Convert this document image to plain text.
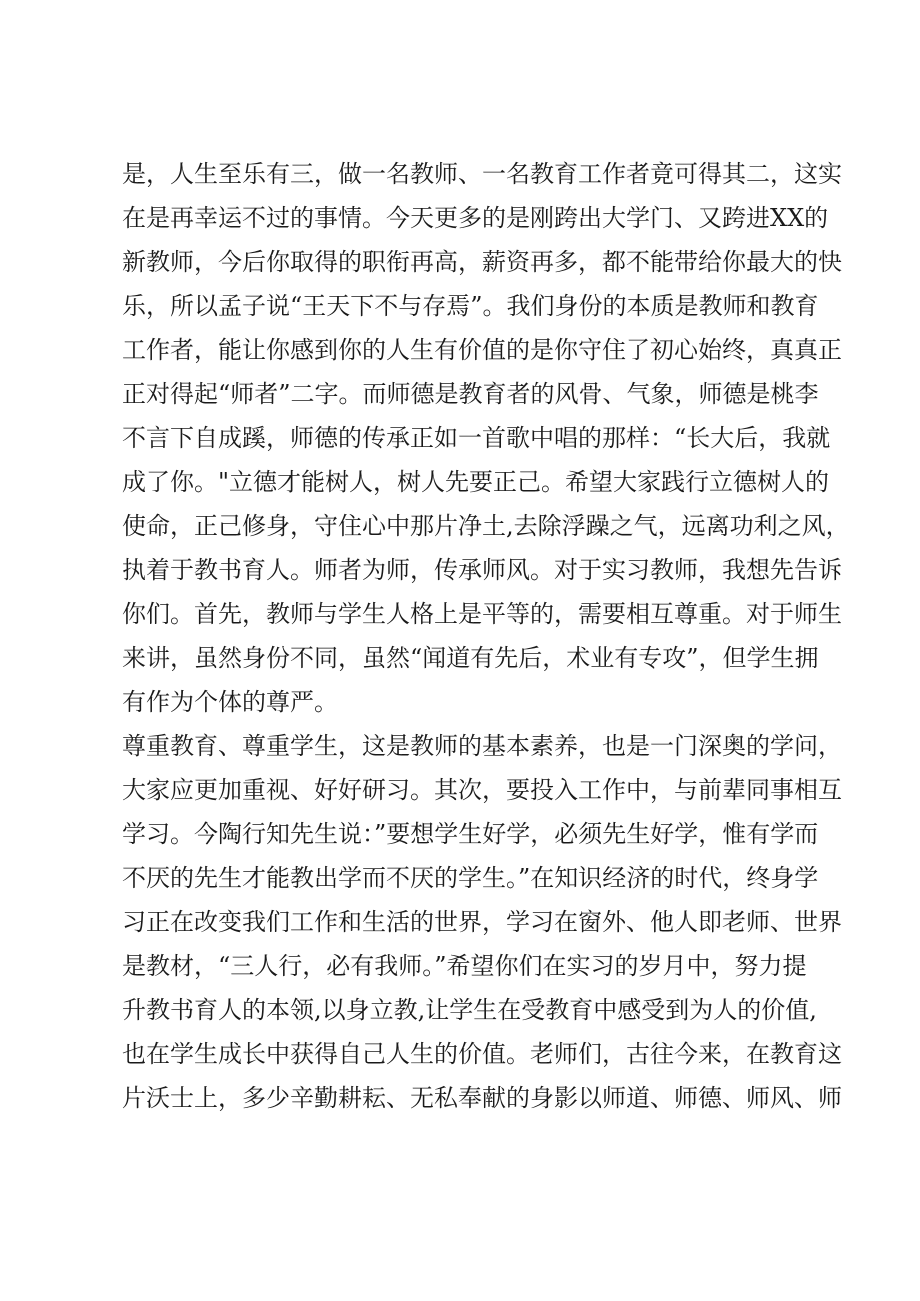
是，人生至乐有三，做一名教师、一名教育工作者竟可得其二，这实
在是再幸运不过的事情。今天更多的是刚跨出大学门、又跨进XX的
新教师，今后你取得的职衔再高，薪资再多，都不能带给你最大的快
乐，所以孟子说“王天下不与存焉”。我们身份的本质是教师和教育
工作者，能让你感到你的人生有价值的是你守住了初心始终，真真正
正对得起“师者”二字。而师德是教育者的风骨、气象，师德是桃李
不言下自成蹊，师德的传承正如一首歌中唱的那样：“长大后，我就
成了你。"立德才能树人，树人先要正己。希望大家践行立德树人的
使命，正己修身，守住心中那片净土,去除浮躁之气，远离功利之风，
执着于教书育人。师者为师，传承师风。对于实习教师，我想先告诉
你们。首先，教师与学生人格上是平等的，需要相互尊重。对于师生
来讲，虽然身份不同，虽然“闻道有先后，术业有专攻”，但学生拥
有作为个体的尊严。
尊重教育、尊重学生，这是教师的基本素养，也是一门深奥的学问，
大家应更加重视、好好研习。其次，要投入工作中，与前辈同事相互
学习。今陶行知先生说：”要想学生好学，必须先生好学，惟有学而
不厌的先生才能教出学而不厌的学生。”在知识经济的时代，终身学
习正在改变我们工作和生活的世界，学习在窗外、他人即老师、世界
是教材，“三人行，必有我师。”希望你们在实习的岁月中，努力提
升教书育人的本领,以身立教,让学生在受教育中感受到为人的价值,
也在学生成长中获得自己人生的价值。老师们，古往今来，在教育这
片沃士上，多少辛勤耕耘、无私奉献的身影以师道、师德、师风、师
